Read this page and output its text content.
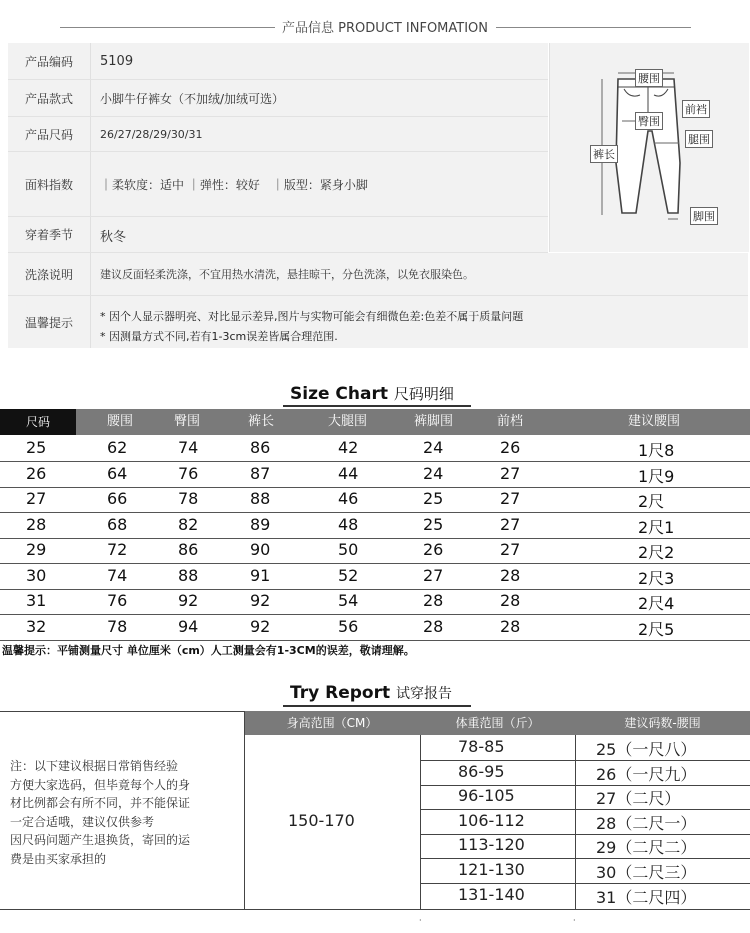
产品信息 PRODUCT INFOMATION
产品编码	5109
产品款式	小脚牛仔裤女（不加绒/加绒可选）
产品尺码	26/27/28/29/30/31
面料指数	｜柔软度：适中 ｜弹性：较好　｜版型：紧身小脚
穿着季节	秋冬
洗涤说明	建议反面轻柔洗涤，不宜用热水清洗，悬挂晾干，分色洗涤，以免衣服染色。
温馨提示	* 因个人显示器明亮、对比显示差异,图片与实物可能会有细微色差:色差不属于质量问题
* 因测量方式不同,若有1-3cm误差皆属合理范围.
腰围
前裆
臀围
腿围
裤长
脚围
Size Chart 尺码明细
尺码	腰围	臀围	裤长	大腿围	裤脚围	前档	建议腰围
25	62	74	86	42	24	26	1尺8
26	64	76	87	44	24	27	1尺9
27	66	78	88	46	25	27	2尺
28	68	82	89	48	25	27	2尺1
29	72	86	90	50	26	27	2尺2
30	74	88	91	52	27	28	2尺3
31	76	92	92	54	28	28	2尺4
32	78	94	92	56	28	28	2尺5
温馨提示：平铺测量尺寸 单位厘米（cm）人工测量会有1-3CM的误差，敬请理解。
Try Report 试穿报告
身高范围（CM）	体重范围（斤）	建议码数-腰围
注：以下建议根据日常销售经验
方便大家选码，但毕竟每个人的身
材比例都会有所不同，并不能保证
一定合适哦，建议仅供参考
因尺码问题产生退换货，寄回的运
费是由买家承担的
150-170
78-85	25（一尺八）
86-95	26（一尺九）
96-105	27（二尺）
106-112	28（二尺一）
113-120	29（二尺二）
121-130	30（二尺三）
131-140	31（二尺四）
·	·
